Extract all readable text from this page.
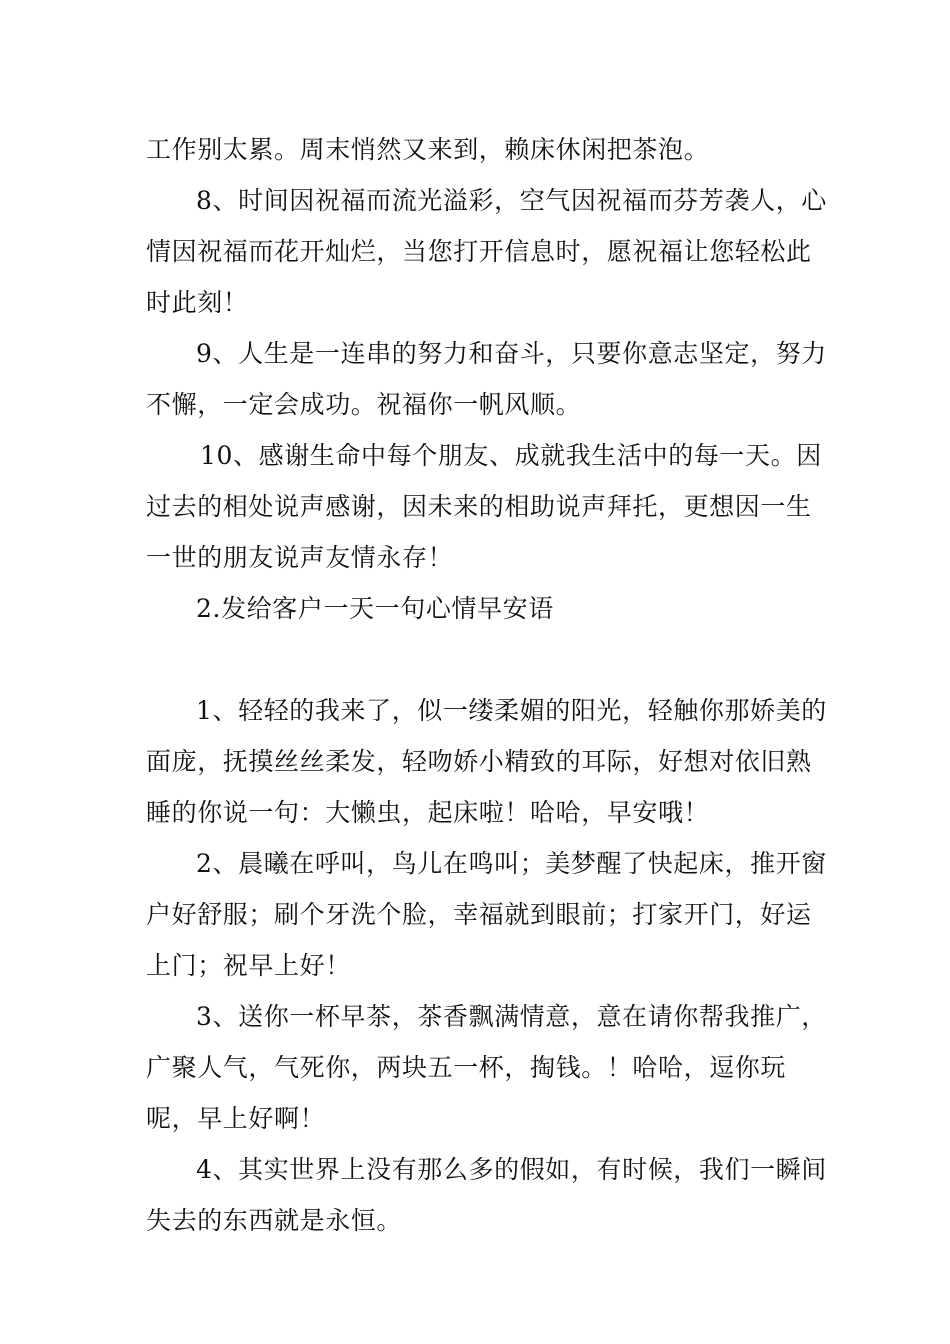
工作别太累。周末悄然又来到，赖床休闲把茶泡。

8、时间因祝福而流光溢彩，空气因祝福而芬芳袭人，心情因祝福而花开灿烂，当您打开信息时，愿祝福让您轻松此时此刻！

9、人生是一连串的努力和奋斗，只要你意志坚定，努力不懈，一定会成功。祝福你一帆风顺。

10、感谢生命中每个朋友、成就我生活中的每一天。因过去的相处说声感谢，因未来的相助说声拜托，更想因一生一世的朋友说声友情永存！

2.发给客户一天一句心情早安语

1、轻轻的我来了，似一缕柔媚的阳光，轻触你那娇美的面庞，抚摸丝丝柔发，轻吻娇小精致的耳际，好想对依旧熟睡的你说一句：大懒虫，起床啦！哈哈，早安哦！

2、晨曦在呼叫，鸟儿在鸣叫；美梦醒了快起床，推开窗户好舒服；刷个牙洗个脸，幸福就到眼前；打家开门，好运上门；祝早上好！

3、送你一杯早茶，茶香飘满情意，意在请你帮我推广，广聚人气，气死你，两块五一杯，掏钱。！哈哈，逗你玩呢，早上好啊！

4、其实世界上没有那么多的假如，有时候，我们一瞬间失去的东西就是永恒。
